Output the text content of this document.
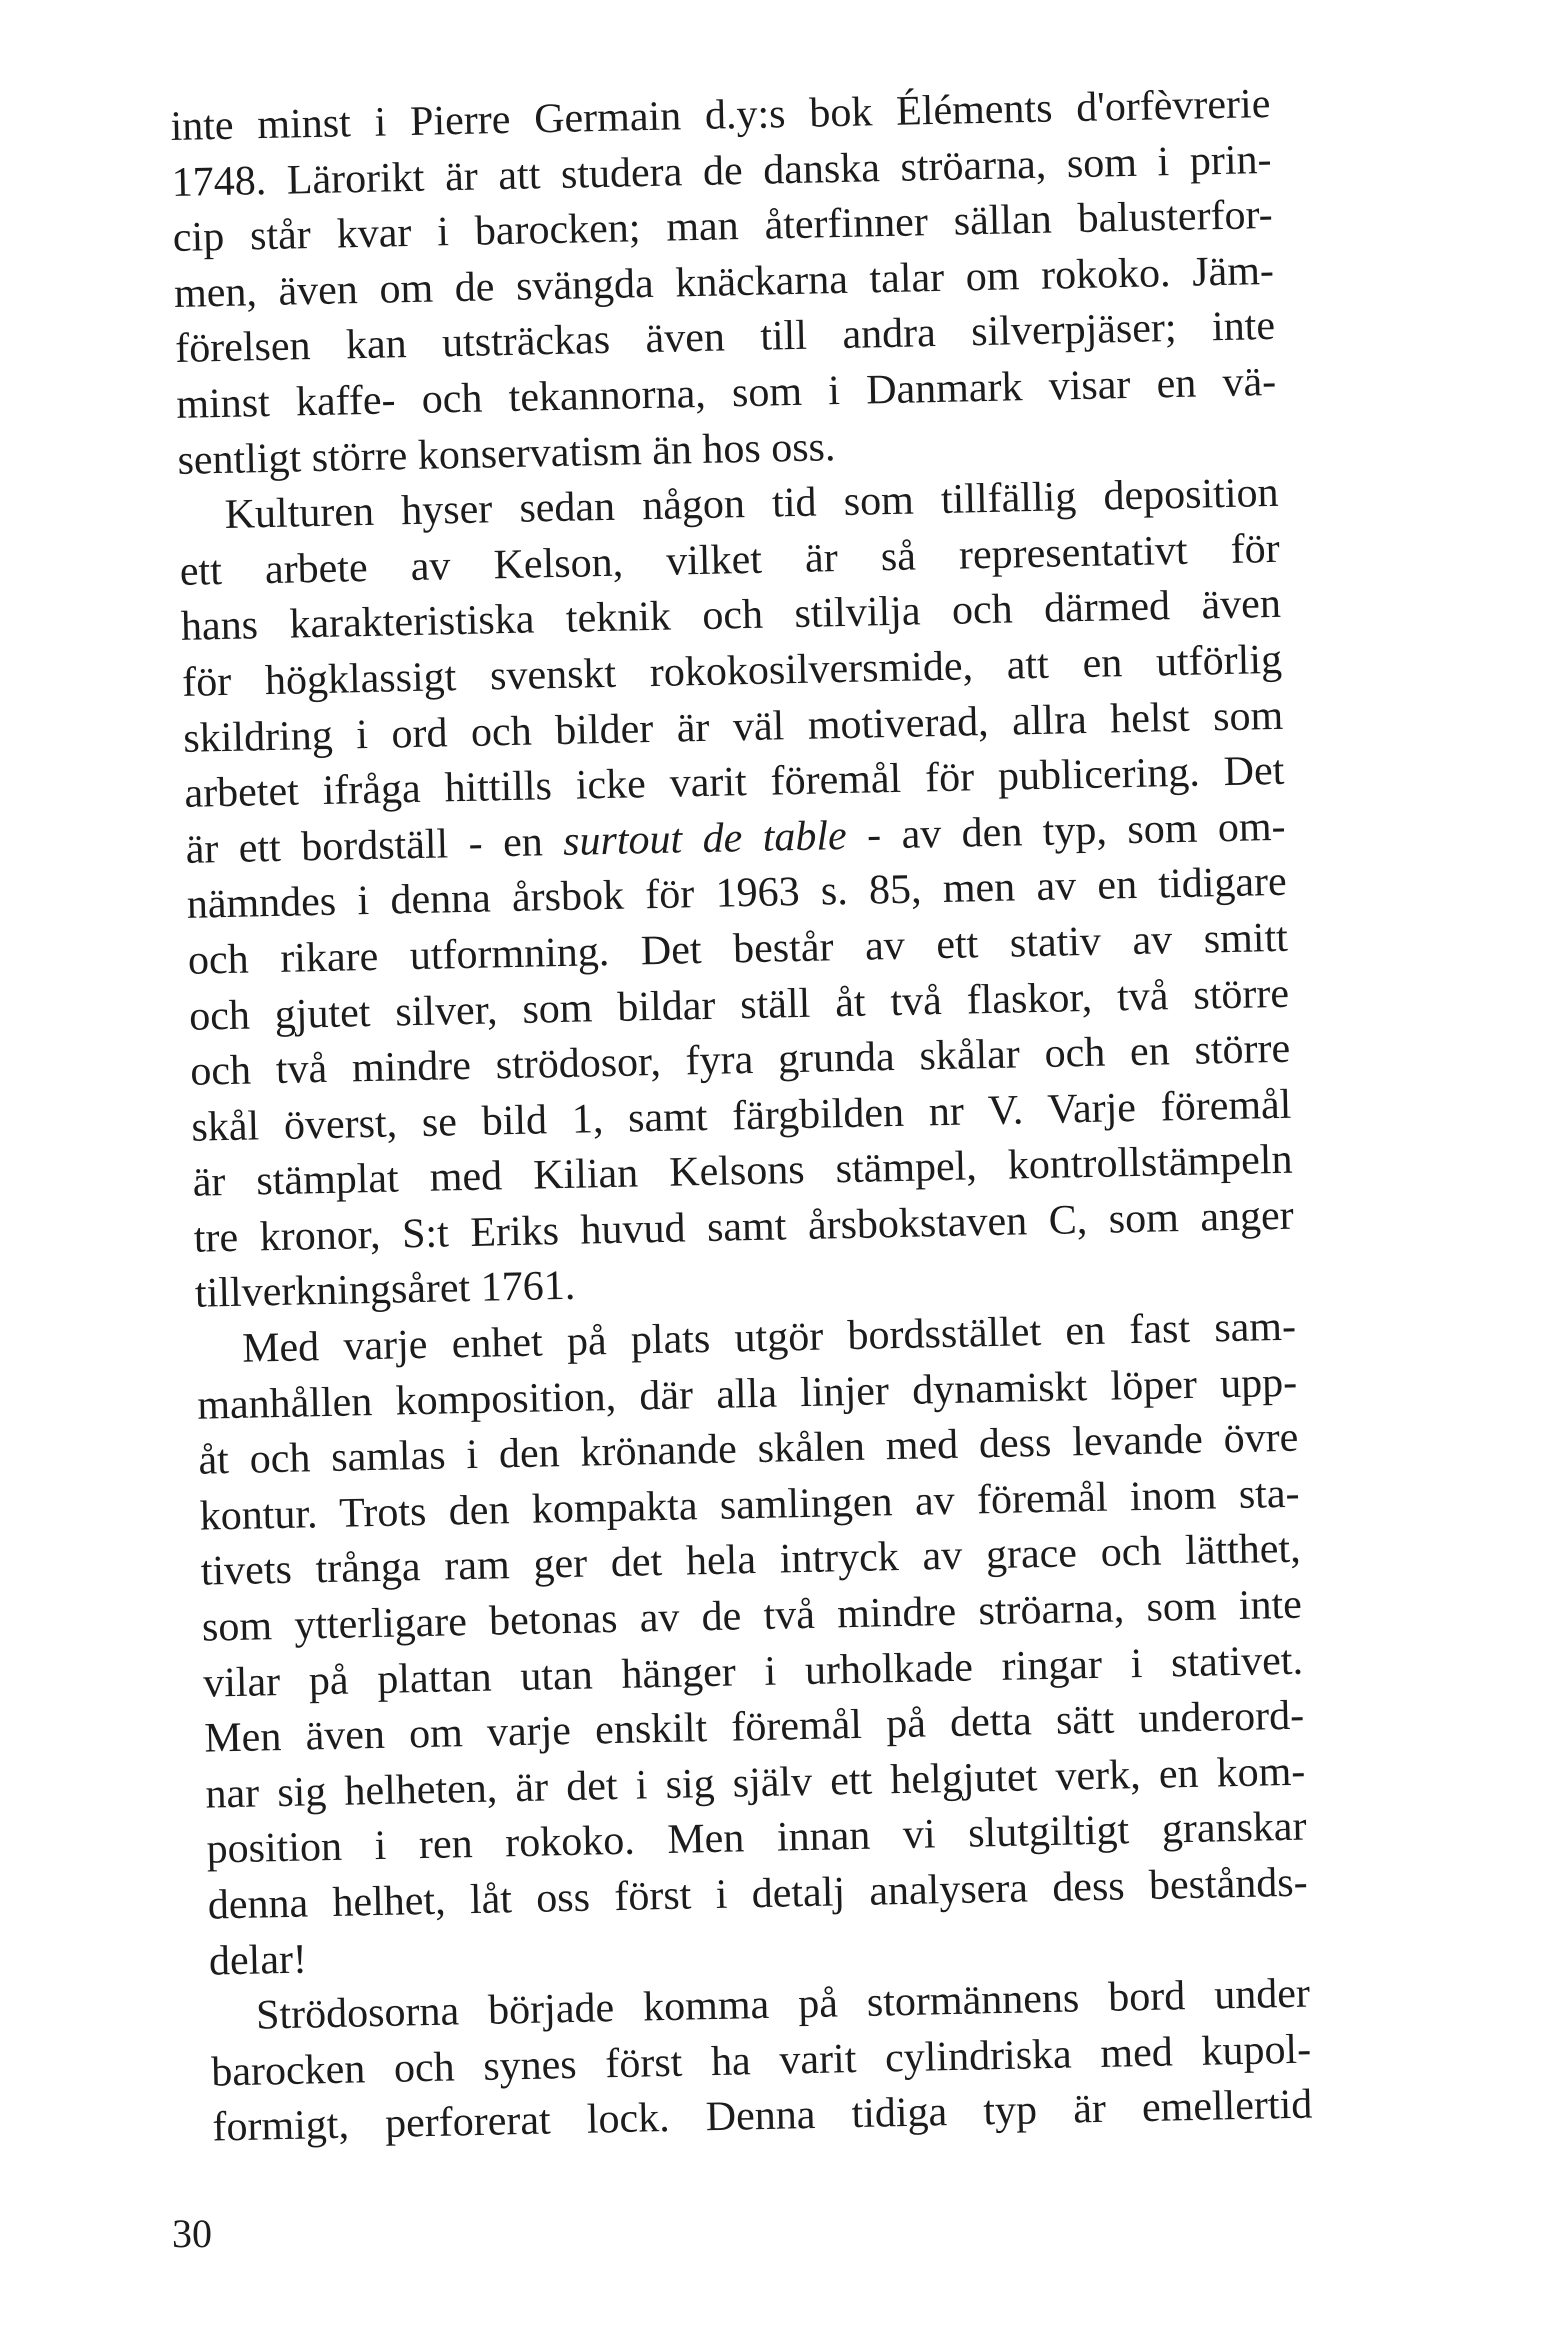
inte minst i Pierre Germain d.y:s bok Éléments d'orfèvrerie
1748. Lärorikt är att studera de danska ströarna, som i prin-
cip står kvar i barocken; man återfinner sällan balusterfor-
men, även om de svängda knäckarna talar om rokoko. Jäm-
förelsen kan utsträckas även till andra silverpjäser; inte
minst kaffe- och tekannorna, som i Danmark visar en vä-
sentligt större konservatism än hos oss.
Kulturen hyser sedan någon tid som tillfällig deposition
ett arbete av Kelson, vilket är så representativt för
hans karakteristiska teknik och stilvilja och därmed även
för högklassigt svenskt rokokosilversmide, att en utförlig
skildring i ord och bilder är väl motiverad, allra helst som
arbetet ifråga hittills icke varit föremål för publicering. Det
är ett bordställ - en surtout de table - av den typ, som om-
nämndes i denna årsbok för 1963 s. 85, men av en tidigare
och rikare utformning. Det består av ett stativ av smitt
och gjutet silver, som bildar ställ åt två flaskor, två större
och två mindre strödosor, fyra grunda skålar och en större
skål överst, se bild 1, samt färgbilden nr V. Varje föremål
är stämplat med Kilian Kelsons stämpel, kontrollstämpeln
tre kronor, S:t Eriks huvud samt årsbokstaven C, som anger
tillverkningsåret 1761.
Med varje enhet på plats utgör bordsstället en fast sam-
manhållen komposition, där alla linjer dynamiskt löper upp-
åt och samlas i den krönande skålen med dess levande övre
kontur. Trots den kompakta samlingen av föremål inom sta-
tivets trånga ram ger det hela intryck av grace och lätthet,
som ytterligare betonas av de två mindre ströarna, som inte
vilar på plattan utan hänger i urholkade ringar i stativet.
Men även om varje enskilt föremål på detta sätt underord-
nar sig helheten, är det i sig själv ett helgjutet verk, en kom-
position i ren rokoko. Men innan vi slutgiltigt granskar
denna helhet, låt oss först i detalj analysera dess bestånds-
delar!
Strödosorna började komma på stormännens bord under
barocken och synes först ha varit cylindriska med kupol-
formigt, perforerat lock. Denna tidiga typ är emellertid
30
